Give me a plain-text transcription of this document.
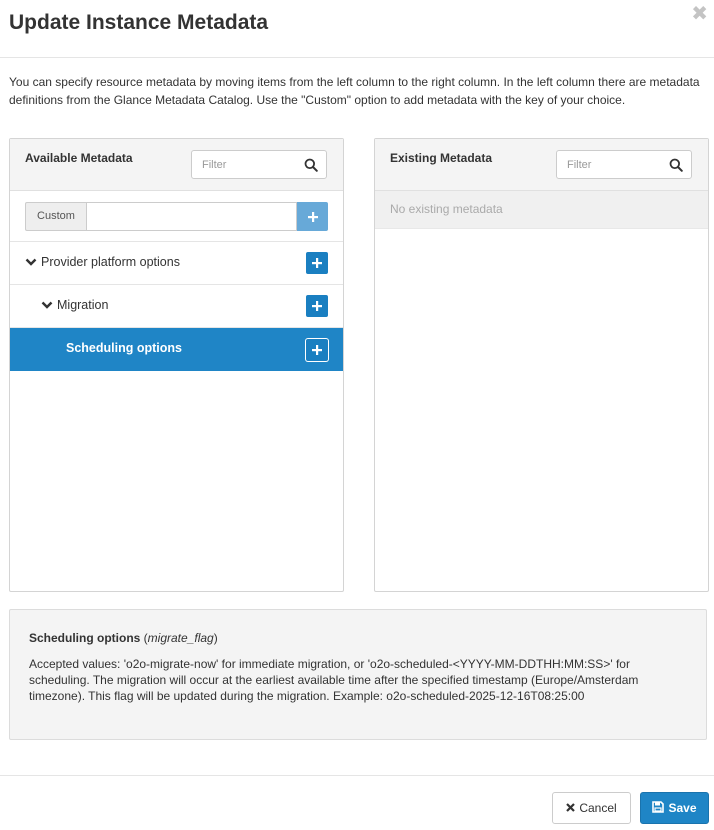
Update Instance Metadata	✖

You can specify resource metadata by moving items from the left column to the right column. In the left column there are metadata definitions from the Glance Metadata Catalog. Use the "Custom" option to add metadata with the key of your choice.

Available Metadata
Filter
Custom
Provider platform options
Migration
Scheduling options
Existing Metadata
Filter
No existing metadata
Scheduling options (migrate_flag)

Accepted values: 'o2o-migrate-now' for immediate migration, or 'o2o-scheduled-<YYYY-MM-DDTHH:MM:SS>' for scheduling. The migration will occur at the earliest available time after the specified timestamp (Europe/Amsterdam timezone). This flag will be updated during the migration. Example: o2o-scheduled-2025-12-16T08:25:00

Cancel	Save
